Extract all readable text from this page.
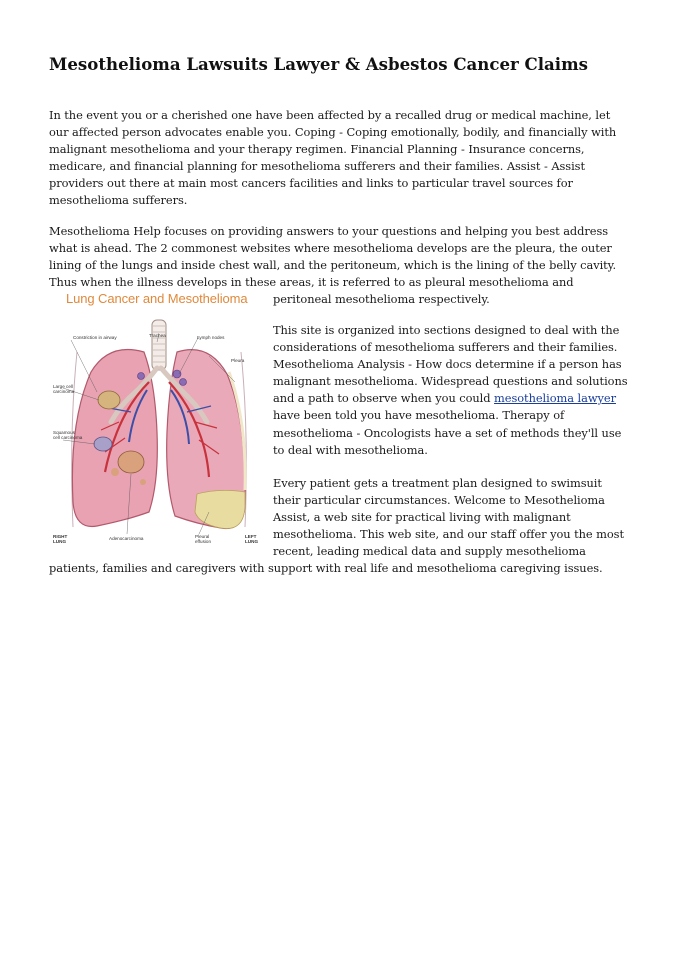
Mesothelioma Lawsuits Lawyer & Asbestos Cancer Claims
In the event you or a cherished one have been affected by a recalled drug or medical machine, let
our affected person advocates enable you. Coping - Coping emotionally, bodily, and financially with
malignant mesothelioma and your therapy regimen. Financial Planning - Insurance concerns,
medicare, and financial planning for mesothelioma sufferers and their families. Assist - Assist
providers out there at main most cancers facilities and links to particular travel sources for
mesothelioma sufferers.
Mesothelioma Help focuses on providing answers to your questions and helping you best address
what is ahead. The 2 commonest websites where mesothelioma develops are the pleura, the outer
lining of the lungs and inside chest wall, and the peritoneum, which is the lining of the belly cavity.
Thus when the illness develops in these areas, it is referred to as pleural mesothelioma and
peritoneal mesothelioma respectively.
This site is organized into sections designed to deal with the
considerations of mesothelioma sufferers and their families.
Mesothelioma Analysis - How docs determine if a person has
malignant mesothelioma. Widespread questions and solutions
and a path to observe when you could mesothelioma lawyer
have been told you have mesothelioma. Therapy of
mesothelioma - Oncologists have a set of methods they'll use
to deal with mesothelioma.
Every patient gets a treatment plan designed to swimsuit
their particular circumstances. Welcome to Mesothelioma
Assist, a web site for practical living with malignant
mesothelioma. This web site, and our staff offer you the most
recent, leading medical data and supply mesothelioma
patients, families and caregivers with support with real life and mesothelioma caregiving issues.
Lung Cancer and Mesothelioma
Constriction in airway	Trachea	Lymph nodes
Pleura
Large cell carcinoma
Squamous cell carcinoma
RIGHT LUNG
Adenocarcinoma	Pleural effusion
LEFT LUNG
